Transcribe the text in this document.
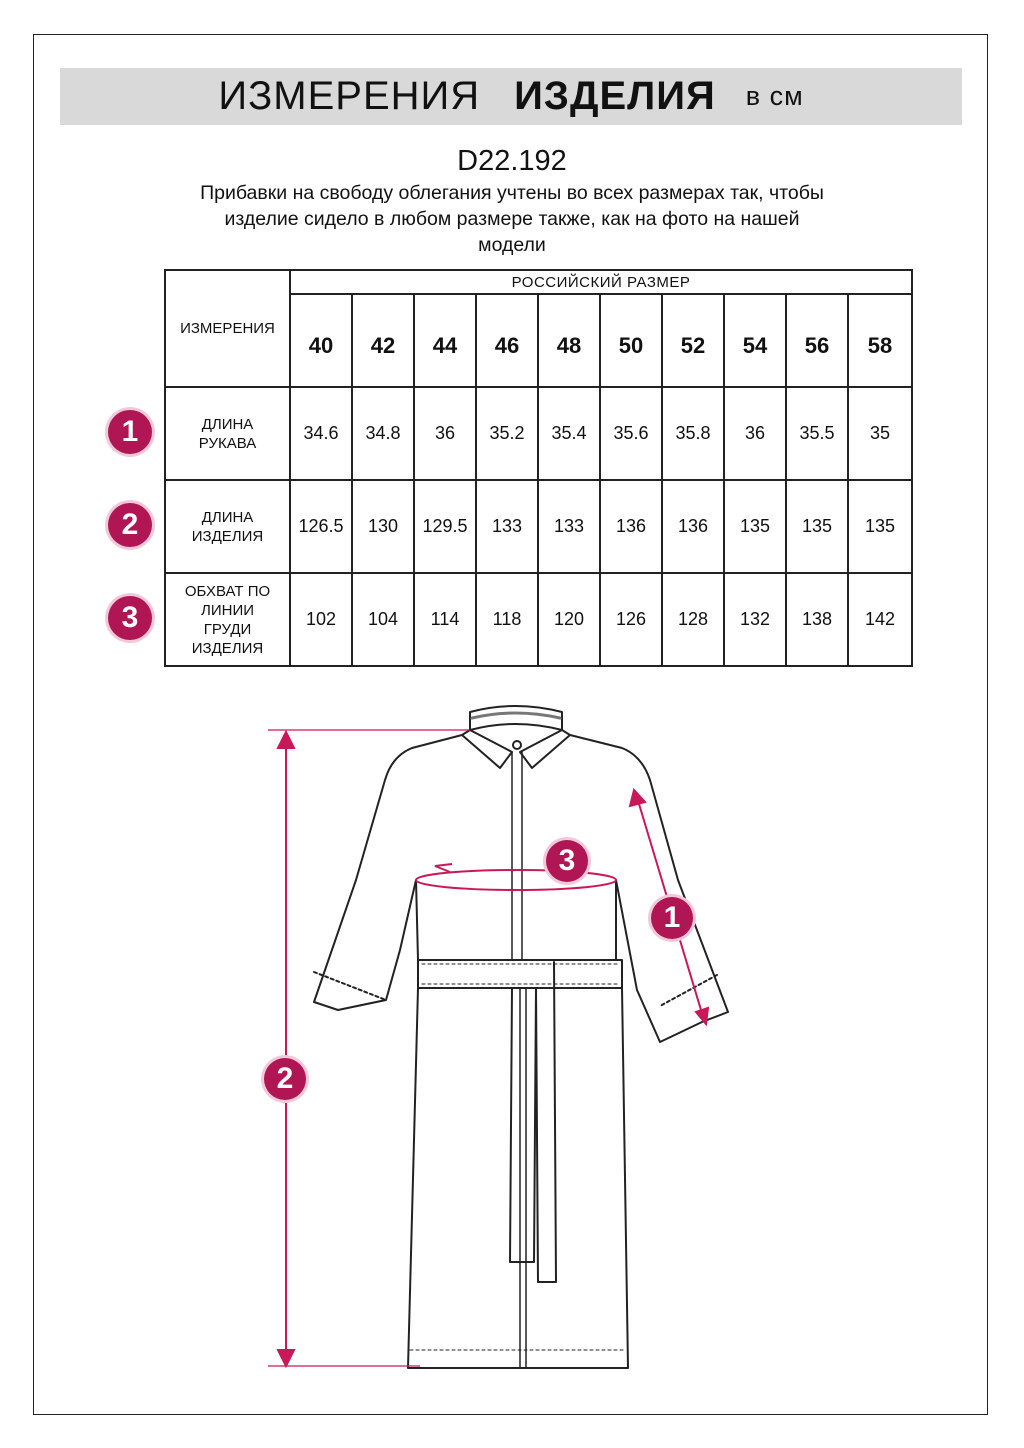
ИЗМЕРЕНИЯ ИЗДЕЛИЯ в см
D22.192
Прибавки на свободу облегания учтены во всех размерах так, чтобы
изделие сидело в любом размере также, как на фото на нашей
модели
ИЗМЕРЕНИЯ	РОССИЙСКИЙ РАЗМЕР									
	40	42	44	46	48	50	52	54	56	58

ДЛИНА
РУКАВА	34.6	34.8	36	35.2	35.4	35.6	35.8	36	35.5	35

ДЛИНА
ИЗДЕЛИЯ	126.5	130	129.5	133	133	136	136	135	135	135

ОБХВАТ ПО
ЛИНИИ
ГРУДИ
ИЗДЕЛИЯ	102	104	114	118	120	126	128	132	138	142
1
2
3
2
3
1
